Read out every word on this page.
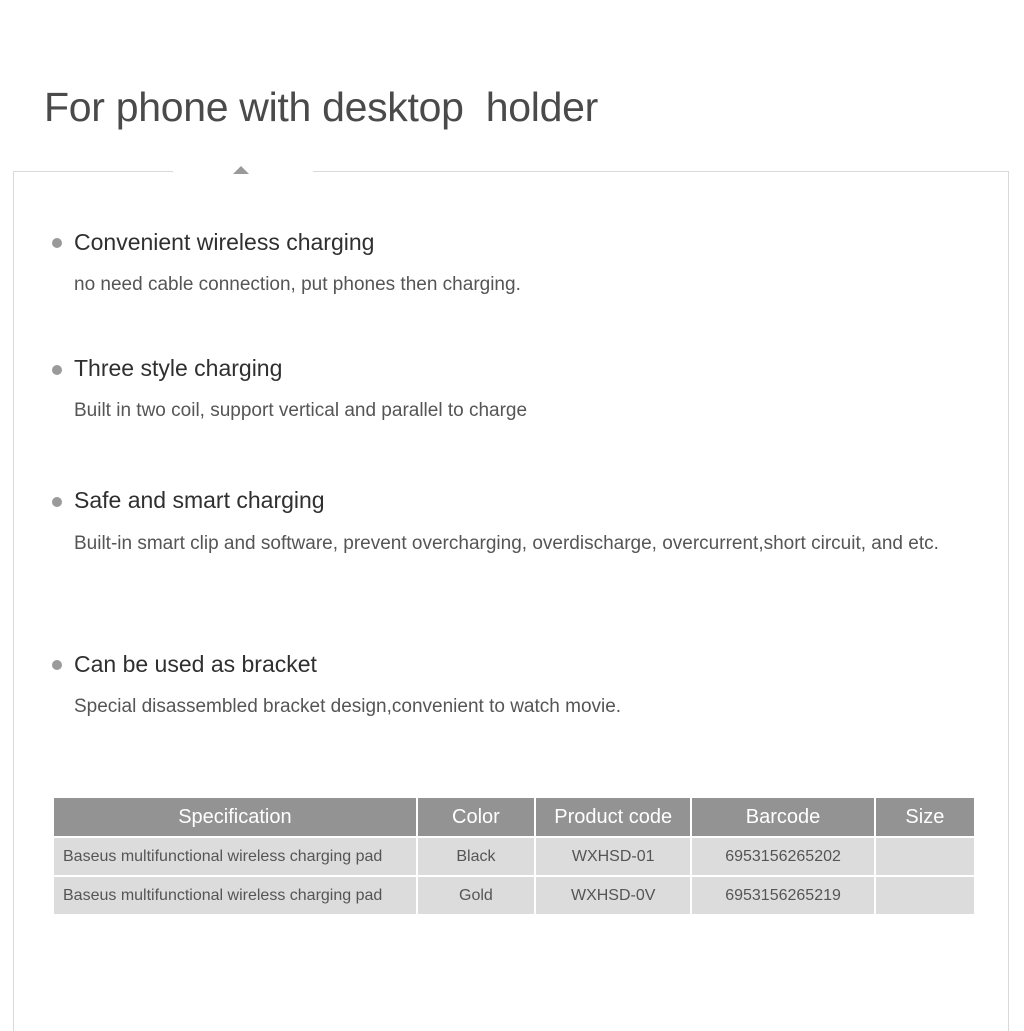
For phone with desktop  holder
Convenient wireless charging

no need cable connection, put phones then charging.

Three style charging

Built in two coil, support vertical and parallel to charge

Safe and smart charging

Built-in smart clip and software, prevent overcharging, overdischarge, overcurrent,short circuit, and etc.

Can be used as bracket

Special disassembled bracket design,convenient to watch movie.

Specification	Color	Product code	Barcode	Size
Baseus multifunctional wireless charging pad	Black	WXHSD-01	6953156265202	
Baseus multifunctional wireless charging pad	Gold	WXHSD-0V	6953156265219	
